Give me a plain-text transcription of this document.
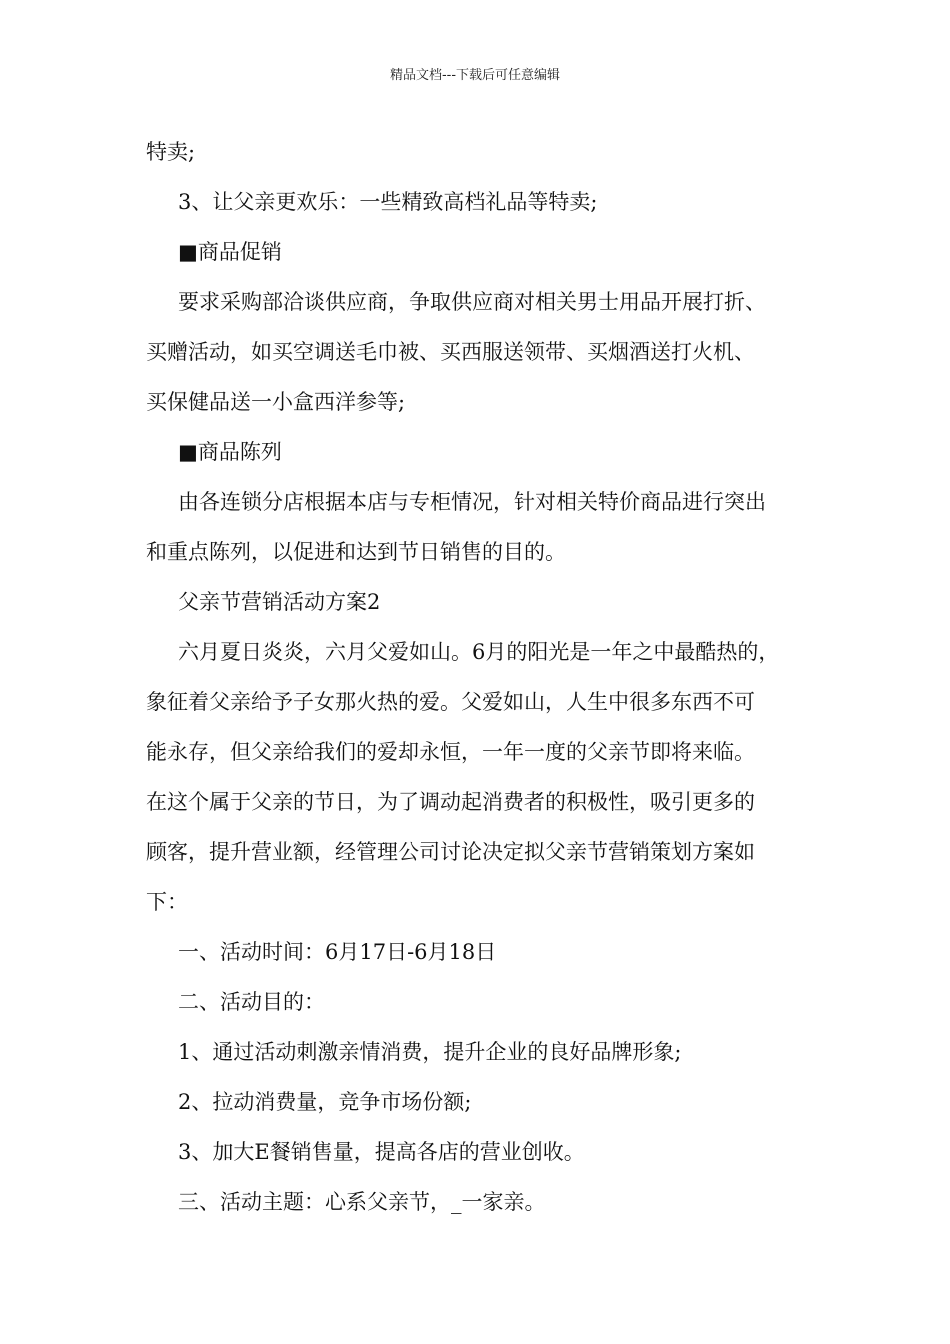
精品文档---下载后可任意编辑
特卖;
3、让父亲更欢乐：一些精致高档礼品等特卖;
■商品促销
要求采购部洽谈供应商，争取供应商对相关男士用品开展打折、
买赠活动，如买空调送毛巾被、买西服送领带、买烟酒送打火机、
买保健品送一小盒西洋参等;
■商品陈列
由各连锁分店根据本店与专柜情况，针对相关特价商品进行突出
和重点陈列，以促进和达到节日销售的目的。
父亲节营销活动方案2
六月夏日炎炎，六月父爱如山。6月的阳光是一年之中最酷热的，
象征着父亲给予子女那火热的爱。父爱如山，人生中很多东西不可
能永存，但父亲给我们的爱却永恒，一年一度的父亲节即将来临。
在这个属于父亲的节日，为了调动起消费者的积极性，吸引更多的
顾客，提升营业额，经管理公司讨论决定拟父亲节营销策划方案如
下：
一、活动时间：6月17日-6月18日
二、活动目的：
1、通过活动刺激亲情消费，提升企业的良好品牌形象;
2、拉动消费量，竞争市场份额;
3、加大E餐销售量，提高各店的营业创收。
三、活动主题：心系父亲节，_一家亲。
